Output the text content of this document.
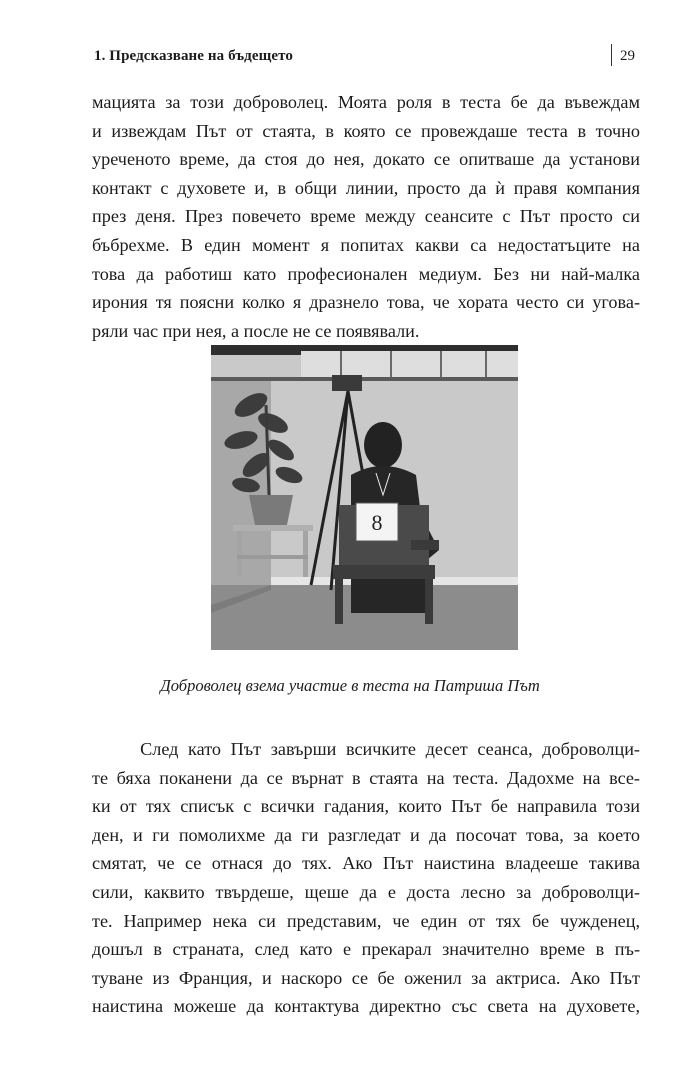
1. Предсказване на бъдещето	29

мацията за този доброволец. Моята роля в теста бе да въвеждам
и извеждам Път от стаята, в която се провеждаше теста в точно
уреченото време, да стоя до нея, докато се опитваше да установи
контакт с духовете и, в общи линии, просто да ѝ правя компания
през деня. През повечето време между сеансите с Път просто си
бъбрехме. В един момент я попитах какви са недостатъците на
това да работиш като професионален медиум. Без ни най-малка
ирония тя поясни колко я дразнело това, че хората често си угова-
ряли час при нея, а после не се появявали.

8
Доброволец взема участие в теста на Патриша Път

След като Път завърши всичките десет сеанса, доброволци-
те бяха поканени да се върнат в стаята на теста. Дадохме на все-
ки от тях списък с всички гадания, които Път бе направила този
ден, и ги помолихме да ги разгледат и да посочат това, за което
смятат, че се отнася до тях. Ако Път наистина владееше такива
сили, каквито твърдеше, щеше да е доста лесно за доброволци-
те. Например нека си представим, че един от тях бе чужденец,
дошъл в страната, след като е прекарал значително време в пъ-
туване из Франция, и наскоро се бе оженил за актриса. Ако Път
наистина можеше да контактува директно със света на духовете,
